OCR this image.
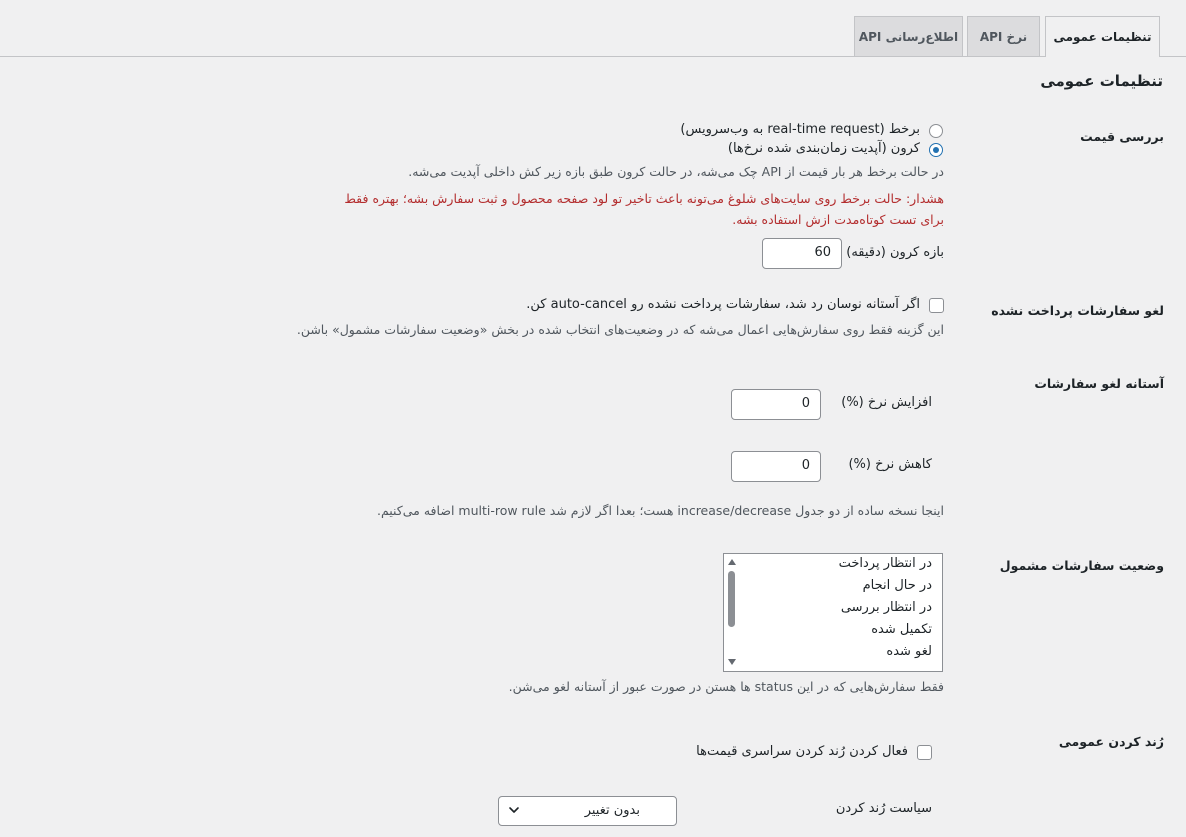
تنظیمات عمومی
API نرخ
API اطلاع‌رسانی
تنظیمات عمومی
بررسی قیمت
برخط (real-time request به وب‌سرویس)
کرون (آپدیت زمان‌بندی شده نرخ‌ها)
در حالت برخط هر بار قیمت از API چک می‌شه، در حالت کرون طبق بازه زیر کش داخلی آپدیت می‌شه.
هشدار: حالت برخط روی سایت‌های شلوغ می‌تونه باعث تاخیر تو لود صفحه محصول و ثبت سفارش بشه؛ بهتره فقط
برای تست کوتاه‌مدت ازش استفاده بشه.
بازه کرون (دقیقه)
60
لغو سفارشات پرداخت نشده
اگر آستانه نوسان رد شد، سفارشات پرداخت نشده رو auto-cancel کن.
این گزینه فقط روی سفارش‌هایی اعمال می‌شه که در وضعیت‌های انتخاب شده در بخش «وضعیت سفارشات مشمول» باشن.
آستانه لغو سفارشات
افزایش نرخ (%)
0
کاهش نرخ (%)
0
اینجا نسخه ساده از دو جدول increase/decrease هست؛ بعدا اگر لازم شد multi-row rule اضافه می‌کنیم.
وضعیت سفارشات مشمول
در انتظار پرداخت
در حال انجام
در انتظار بررسی
تکمیل شده
لغو شده
فقط سفارش‌هایی که در این status ها هستن در صورت عبور از آستانه لغو می‌شن.
رُند کردن عمومی
فعال کردن رُند کردن سراسری قیمت‌ها
سیاست رُند کردن
بدون تغییر
